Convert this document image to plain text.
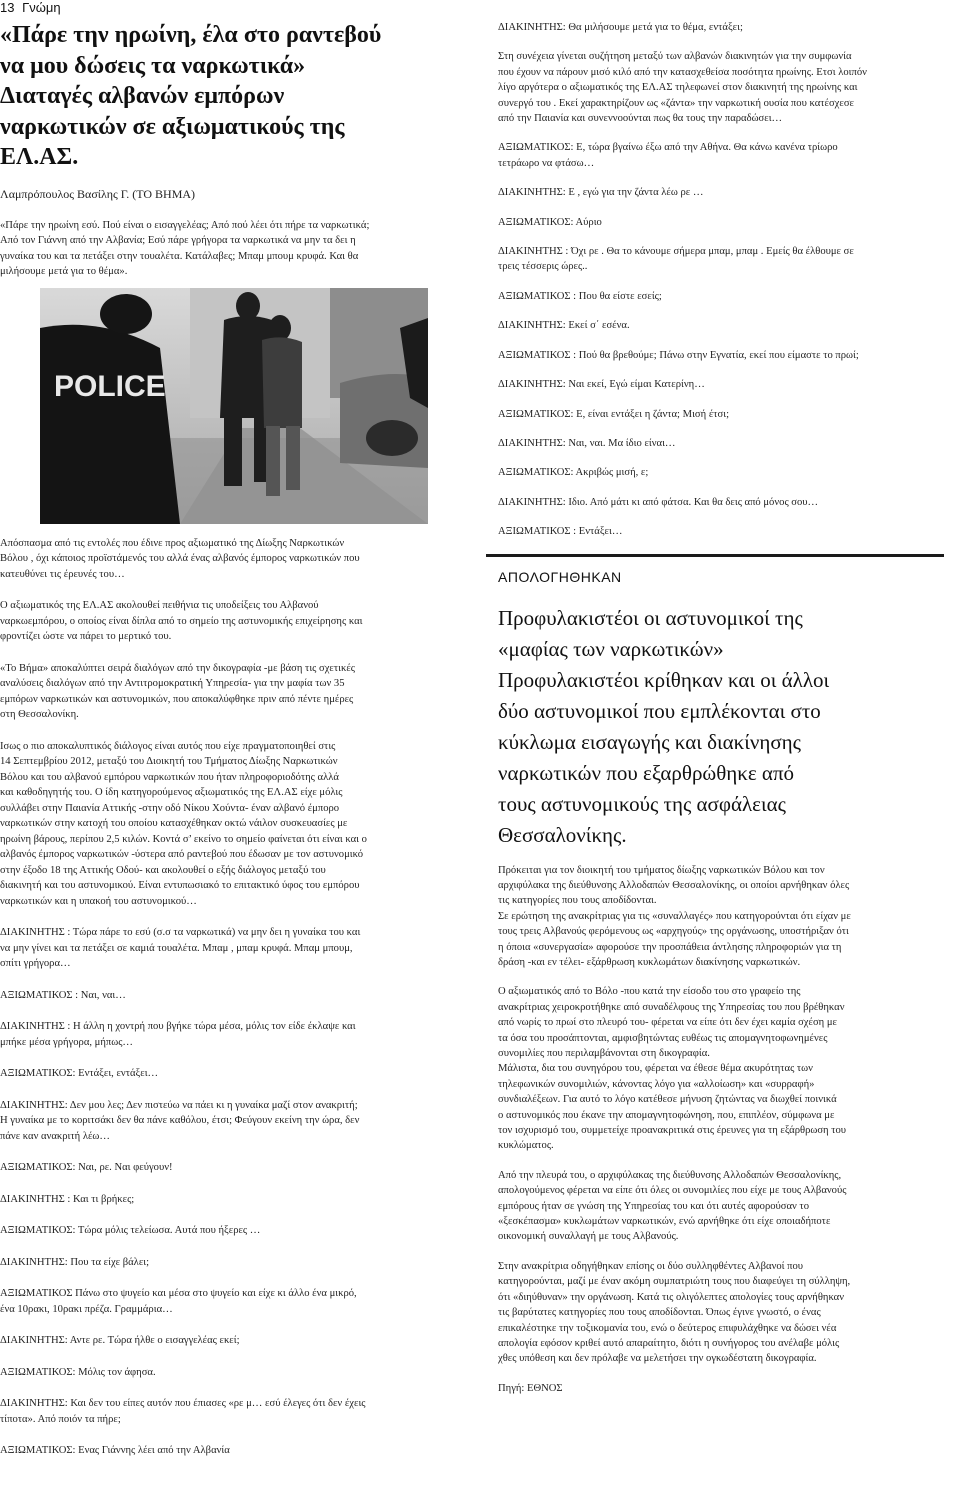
13 Γνώμη
«Πάρε την ηρωίνη, έλα στο ραντεβού
να μου δώσεις τα ναρκωτικά»
Διαταγές αλβανών εμπόρων
ναρκωτικών σε αξιωματικούς της
ΕΛ.ΑΣ.
Λαμπρόπουλος Βασίλης Γ. (ΤΟ ΒΗΜΑ)
«Πάρε την ηρωίνη εσύ. Πού είναι ο εισαγγελέας; Από πού λέει ότι πήρε τα ναρκωτικά;
Από τον Γιάννη από την Αλβανία; Εσύ πάρε γρήγορα τα ναρκωτικά να μην τα δει η
γυναίκα του και τα πετάξει στην τουαλέτα. Κατάλαβες; Μπαμ μπουμ κρυφά. Και θα
μιλήσουμε μετά για το θέμα».
POLICE
Απόσπασμα από τις εντολές που έδινε προς αξιωματικό της Δίωξης Ναρκωτικών
Βόλου , όχι κάποιος προϊστάμενός του αλλά ένας αλβανός έμπορος ναρκωτικών που
κατευθύνει τις έρευνές του…
Ο αξιωματικός της ΕΛ.ΑΣ ακολουθεί πειθήνια τις υποδείξεις του Αλβανού
ναρκωεμπόρου, ο οποίος είναι δίπλα από το σημείο της αστυνομικής επιχείρησης και
φροντίζει ώστε να πάρει το μερτικό του.
«Το Βήμα» αποκαλύπτει σειρά διαλόγων από την δικογραφία -με βάση τις σχετικές
αναλύσεις διαλόγων από την Αντιτρομοκρατική Υπηρεσία- για την μαφία των 35
εμπόρων ναρκωτικών και αστυνομικών, που αποκαλύφθηκε πριν από πέντε ημέρες
στη Θεσσαλονίκη.
Ισως ο πιο αποκαλυπτικός διάλογος είναι αυτός που είχε πραγματοποιηθεί στις
14 Σεπτεμβρίου 2012, μεταξύ του Διοικητή του Τμήματος Δίωξης Ναρκωτικών
Βόλου και του αλβανού εμπόρου ναρκωτικών που ήταν πληροφοριοδότης αλλά
και καθοδηγητής του. Ο ίδη κατηγορούμενος αξιωματικός της ΕΛ.ΑΣ είχε μόλις
συλλάβει στην Παιανία Αττικής -στην οδό Νίκου Χούντα- έναν αλβανό έμπορο
ναρκωτικών στην κατοχή του οποίου κατασχέθηκαν οκτώ νάιλον συσκευασίες με
ηρωίνη βάρους, περίπου 2,5 κιλών. Κοντά σ’ εκείνο το σημείο φαίνεται ότι είναι και ο
αλβανός έμπορος ναρκωτικών -ύστερα από ραντεβού που έδωσαν με τον αστυνομικό
στην έξοδο 18 της Αττικής Οδού- και ακολουθεί ο εξής διάλογος μεταξύ του
διακινητή και του αστυνομικού. Είναι εντυπωσιακό το επιτακτικό ύφος του εμπόρου
ναρκωτικών και η υπακοή του αστυνομικού…
ΔΙΑΚΙΝΗΤΗΣ : Τώρα πάρε το εσύ (σ.σ τα ναρκωτικά) να μην δει η γυναίκα του και
να μην γίνει και τα πετάξει σε καμιά τουαλέτα. Μπαμ , μπαμ κρυφά. Μπαμ μπουμ,
σπίτι γρήγορα…
ΑΞΙΩΜΑΤΙΚΟΣ : Ναι, ναι…
ΔΙΑΚΙΝΗΤΗΣ : Η άλλη η χοντρή που βγήκε τώρα μέσα, μόλις τον είδε έκλαψε και
μπήκε μέσα γρήγορα, μήπως…
ΑΞΙΩΜΑΤΙΚΟΣ: Εντάξει, εντάξει…
ΔΙΑΚΙΝΗΤΗΣ: Δεν μου λες; Δεν πιστεύω να πάει κι η γυναίκα μαζί στον ανακριτή;
Η γυναίκα με το κοριτσάκι δεν θα πάνε καθόλου, έτσι; Φεύγουν εκείνη την ώρα, δεν
πάνε καν ανακριτή λέω…
ΑΞΙΩΜΑΤΙΚΟΣ: Ναι, ρε. Ναι φεύγουν!
ΔΙΑΚΙΝΗΤΗΣ : Και τι βρήκες;
ΑΞΙΩΜΑΤΙΚΟΣ: Τώρα μόλις τελείωσα. Αυτά που ήξερες …
ΔΙΑΚΙΝΗΤΗΣ: Που τα είχε βάλει;
ΑΞΙΩΜΑΤΙΚΟΣ Πάνω στο ψυγείο και μέσα στο ψυγείο και είχε κι άλλο ένα μικρό,
ένα 10ρακι, 10ρακι πρέζα. Γραμμάρια…
ΔΙΑΚΙΝΗΤΗΣ: Αντε ρε. Τώρα ήλθε ο εισαγγελέας εκεί;
ΑΞΙΩΜΑΤΙΚΟΣ: Μόλις τον άφησα.
ΔΙΑΚΙΝΗΤΗΣ: Και δεν του είπες αυτόν που έπιασες «ρε μ… εσύ έλεγες ότι δεν έχεις
τίποτα». Από ποιόν τα πήρε;
ΑΞΙΩΜΑΤΙΚΟΣ: Ενας Γιάννης λέει από την Αλβανία
ΔΙΑΚΙΝΗΤΗΣ: Θα μιλήσουμε μετά για το θέμα, εντάξει;
Στη συνέχεια γίνεται συζήτηση μεταξύ των αλβανών διακινητών για την συμφωνία
που έχουν να πάρουν μισό κιλό από την κατασχεθείσα ποσότητα ηρωίνης. Ετσι λοιπόν
λίγο αργότερα ο αξιωματικός της ΕΛ.ΑΣ τηλεφωνεί στον διακινητή της ηρωίνης και
συνεργό του . Εκεί χαρακτηρίζουν ως «ζάντα» την ναρκωτική ουσία που κατέσχεσε
από την Παιανία και συνεννοούνται πως θα τους την παραδώσει…
ΑΞΙΩΜΑΤΙΚΟΣ: Ε, τώρα βγαίνω έξω από την Αθήνα. Θα κάνω κανένα τρίωρο
τετράωρο να φτάσω…
ΔΙΑΚΙΝΗΤΗΣ: Ε , εγώ για την ζάντα λέω ρε …
ΑΞΙΩΜΑΤΙΚΟΣ: Αύριο
ΔΙΑΚΙΝΗΤΗΣ : Όχι ρε . Θα το κάνουμε σήμερα μπαμ, μπαμ . Εμείς θα έλθουμε σε
τρεις τέσσερις ώρες..
ΑΞΙΩΜΑΤΙΚΟΣ : Που θα είστε εσείς;
ΔΙΑΚΙΝΗΤΗΣ: Εκεί σ΄ εσένα.
ΑΞΙΩΜΑΤΙΚΟΣ : Πού θα βρεθούμε; Πάνω στην Εγνατία, εκεί που είμαστε το πρωί;
ΔΙΑΚΙΝΗΤΗΣ: Ναι εκεί, Εγώ είμαι Κατερίνη…
ΑΞΙΩΜΑΤΙΚΟΣ: Ε, είναι εντάξει η ζάντα; Μισή έτσι;
ΔΙΑΚΙΝΗΤΗΣ: Ναι, ναι. Μα ίδιο είναι…
ΑΞΙΩΜΑΤΙΚΟΣ: Ακριβώς μισή, ε;
ΔΙΑΚΙΝΗΤΗΣ: Ιδιο. Από μάτι κι από φάτσα. Και θα δεις από μόνος σου…
ΑΞΙΩΜΑΤΙΚΟΣ : Εντάξει…
ΑΠΟΛΟΓΗΘΗΚΑΝ
Προφυλακιστέοι οι αστυνομικοί της
«μαφίας των ναρκωτικών»
Προφυλακιστέοι κρίθηκαν και οι άλλοι
δύο αστυνομικοί που εμπλέκονται στο
κύκλωμα εισαγωγής και διακίνησης
ναρκωτικών που εξαρθρώθηκε από
τους αστυνομικούς της ασφάλειας
Θεσσαλονίκης.
Πρόκειται για τον διοικητή του τμήματος δίωξης ναρκωτικών Βόλου και τον
αρχιφύλακα της διεύθυνσης Αλλοδαπών Θεσσαλονίκης, οι οποίοι αρνήθηκαν όλες
τις κατηγορίες που τους αποδίδονται.
Σε ερώτηση της ανακρίτριας για τις «συναλλαγές» που κατηγορούνται ότι είχαν με
τους τρεις Αλβανούς φερόμενους ως «αρχηγούς» της οργάνωσης, υποστήριξαν ότι
η όποια «συνεργασία» αφορούσε την προσπάθεια άντλησης πληροφοριών για τη
δράση -και εν τέλει- εξάρθρωση κυκλωμάτων διακίνησης ναρκωτικών.
Ο αξιωματικός από το Βόλο -που κατά την είσοδο του στο γραφείο της
ανακρίτριας χειροκροτήθηκε από συναδέλφους της Υπηρεσίας του που βρέθηκαν
από νωρίς το πρωί στο πλευρό του- φέρεται να είπε ότι δεν έχει καμία σχέση με
τα όσα του προσάπτονται, αμφισβητώντας ευθέως τις απομαγνητοφωνημένες
συνομιλίες που περιλαμβάνονται στη δικογραφία.
Μάλιστα, δια του συνηγόρου του, φέρεται να έθεσε θέμα ακυρότητας των
τηλεφωνικών συνομιλιών, κάνοντας λόγο για «αλλοίωση» και «συρραφή»
συνδιαλέξεων. Για αυτό το λόγο κατέθεσε μήνυση ζητώντας να διωχθεί ποινικά
ο αστυνομικός που έκανε την απομαγνητοφώνηση, που, επιπλέον, σύμφωνα με
τον ισχυρισμό του, συμμετείχε προανακριτικά στις έρευνες για τη εξάρθρωση του
κυκλώματος.
Από την πλευρά του, ο αρχιφύλακας της διεύθυνσης Αλλοδαπών Θεσσαλονίκης,
απολογούμενος φέρεται να είπε ότι όλες οι συνομιλίες που είχε με τους Αλβανούς
εμπόρους ήταν σε γνώση της Υπηρεσίας του και ότι αυτές αφορούσαν το
«ξεσκέπασμα» κυκλωμάτων ναρκωτικών, ενώ αρνήθηκε ότι είχε οποιαδήποτε
οικονομική συναλλαγή με τους Αλβανούς.
Στην ανακρίτρια οδηγήθηκαν επίσης οι δύο συλληφθέντες Αλβανοί που
κατηγορούνται, μαζί με έναν ακόμη συμπατριώτη τους που διαφεύγει τη σύλληψη,
ότι «διηύθυναν» την οργάνωση. Κατά τις ολιγόλεπτες απολογίες τους αρνήθηκαν
τις βαρύτατες κατηγορίες που τους αποδίδονται. Όπως έγινε γνωστό, ο ένας
επικαλέστηκε την τοξικομανία του, ενώ ο δεύτερος επιφυλάχθηκε να δώσει νέα
απολογία εφόσον κριθεί αυτό απαραίτητο, διότι η συνήγορος του ανέλαβε μόλις
χθες υπόθεση και δεν πρόλαβε να μελετήσει την ογκωδέστατη δικογραφία.
Πηγή: ΕΘΝΟΣ
